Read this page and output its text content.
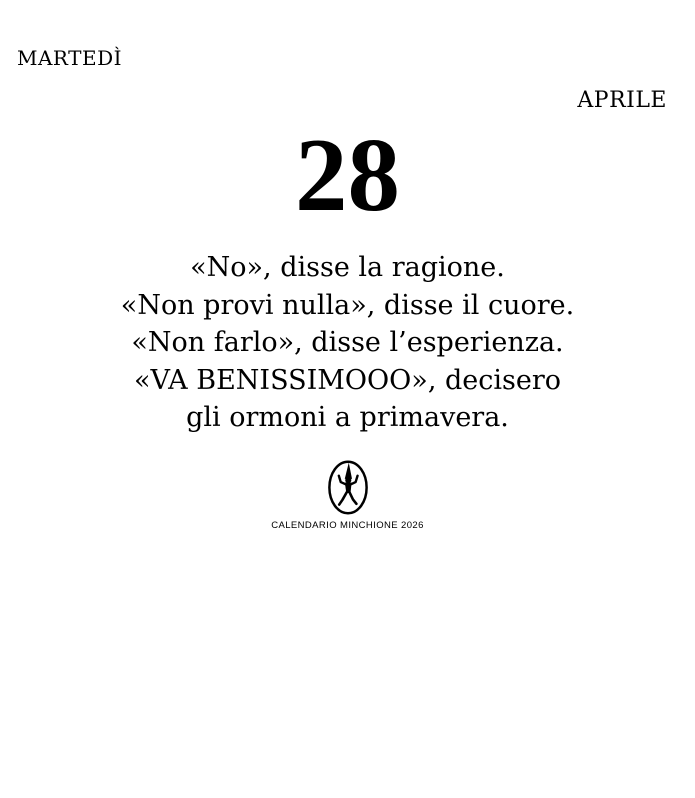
MARTEDÌ
APRILE
28
«No», disse la ragione.
«Non provi nulla», disse il cuore.
«Non farlo», disse l’esperienza.
«VA BENISSIMOOO», decisero
gli ormoni a primavera.
CALENDARIO MINCHIONE 2026
